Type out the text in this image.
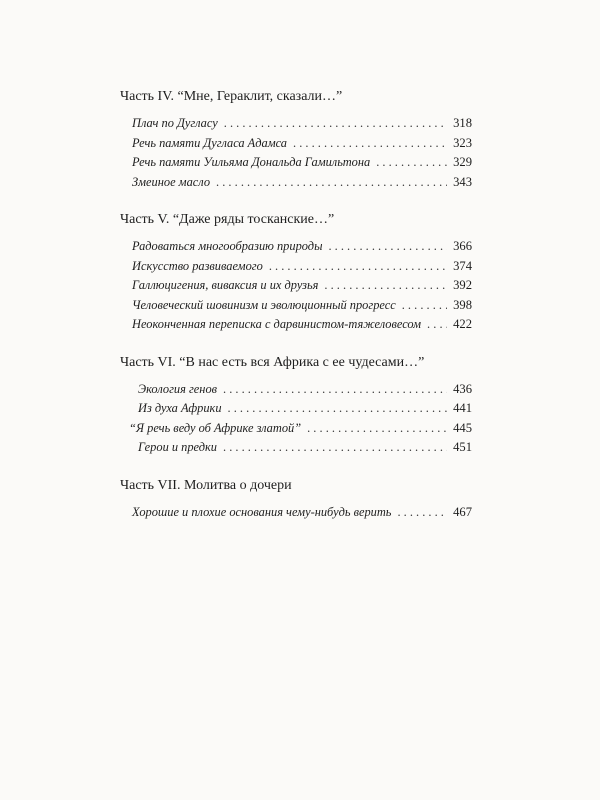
Часть IV. “Мне, Гераклит, сказали…”
Плач по Дугласу . . .	318
Речь памяти Дугласа Адамса . . .	323
Речь памяти Уильяма Дональда Гамильтона . . .	329
Змеиное масло . . .	343
Часть V. “Даже ряды тосканские…”
Радоваться многообразию природы . . .	366
Искусство развиваемого . . .	374
Галлюцигения, виваксия и их друзья . . .	392
Человеческий шовинизм и эволюционный прогресс . . .	398
Неоконченная переписка с дарвинистом-тяжеловесом . . .	422
Часть VI. “В нас есть вся Африка с ее чудесами…”
Экология генов . . .	436
Из духа Африки . . .	441
“Я речь веду об Африке златой” . . .	445
Герои и предки . . .	451
Часть VII. Молитва о дочери
Хорошие и плохие основания чему-нибудь верить . . .	467
